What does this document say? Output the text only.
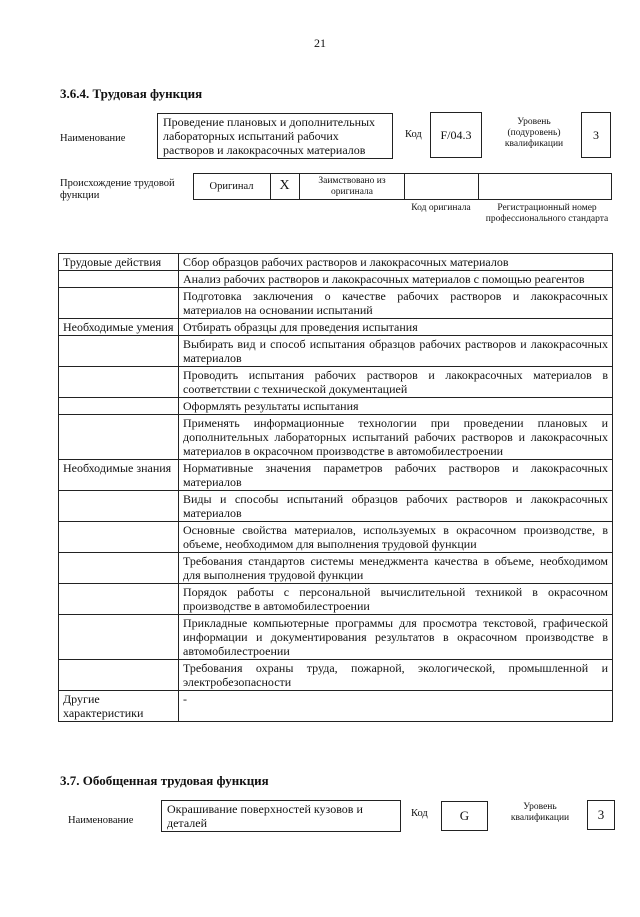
21
3.6.4. Трудовая функция
Наименование
Проведение плановых и дополнительных лабораторных испытаний рабочих растворов и лакокрасочных материалов
Код	F/04.3
Уровень (подуровень) квалификации
3
Происхождение трудовой функции
Оригинал	X	Заимствовано из оригинала
Код оригинала	Регистрационный номер профессионального стандарта
Трудовые действия	Сбор образцов рабочих растворов и лакокрасочных материалов
	Анализ рабочих растворов и лакокрасочных материалов с помощью реагентов
	Подготовка заключения о качестве рабочих растворов и лакокрасочных материалов на основании испытаний
Необходимые умения	Отбирать образцы для проведения испытания
	Выбирать вид и способ испытания образцов рабочих растворов и лакокрасочных материалов
	Проводить испытания рабочих растворов и лакокрасочных материалов в соответствии с технической документацией
	Оформлять результаты испытания
	Применять информационные технологии при проведении плановых и дополнительных лабораторных испытаний рабочих растворов и лакокрасочных материалов в окрасочном производстве в автомобилестроении
Необходимые знания	Нормативные значения параметров рабочих растворов и лакокрасочных материалов
	Виды и способы испытаний образцов рабочих растворов и лакокрасочных материалов
	Основные свойства материалов, используемых в окрасочном производстве, в объеме, необходимом для выполнения трудовой функции
	Требования стандартов системы менеджмента качества в объеме, необходимом для выполнения трудовой функции
	Порядок работы с персональной вычислительной техникой в окрасочном производстве в автомобилестроении
	Прикладные компьютерные программы для просмотра текстовой, графической информации и документирования результатов в окрасочном производстве в автомобилестроении
	Требования охраны труда, пожарной, экологической, промышленной и электробезопасности
Другие характеристики	-
3.7. Обобщенная трудовая функция
Наименование
Окрашивание поверхностей кузовов и деталей
Код	G
Уровень квалификации	3
